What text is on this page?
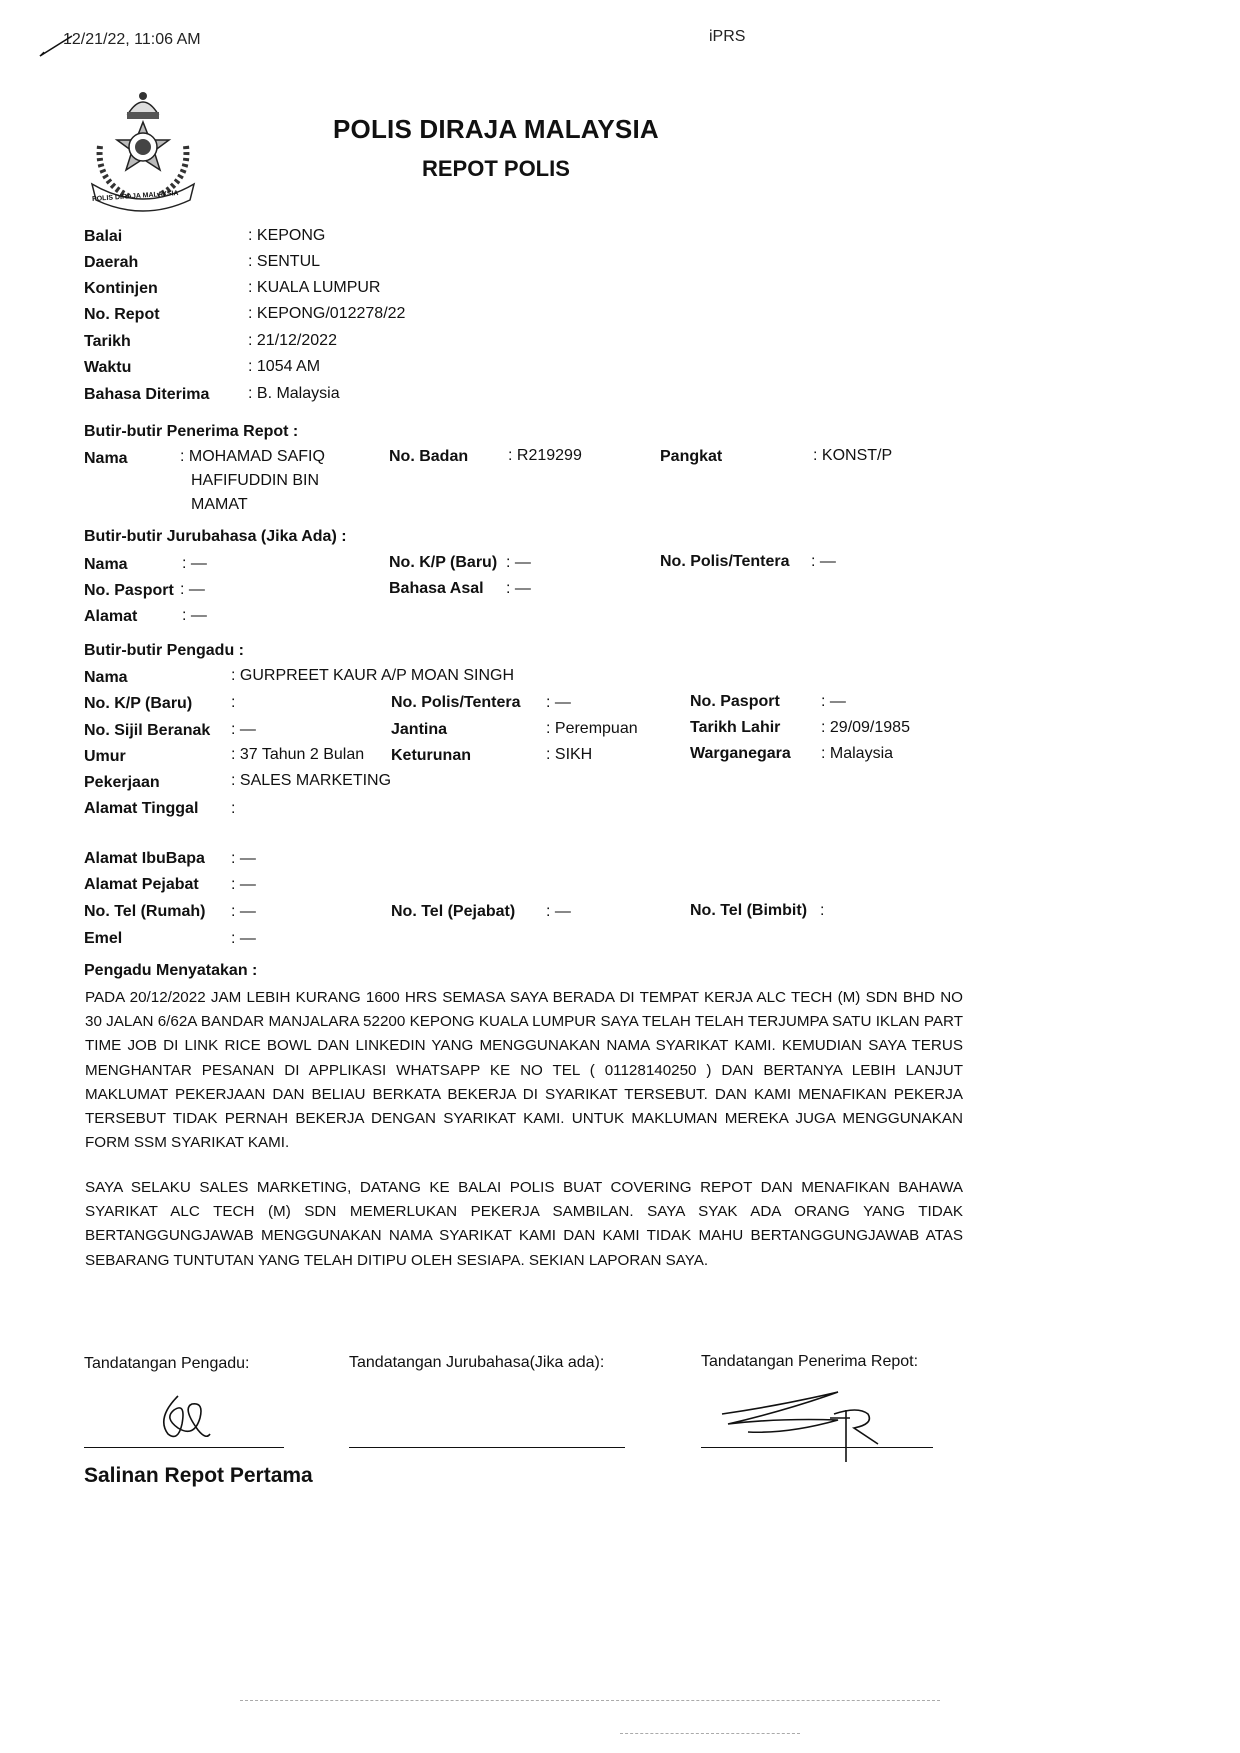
12/21/22, 11:06 AM	iPRS
POLIS DIRAJA MALAYSIA
POLIS DIRAJA MALAYSIA
REPOT POLIS
Balai	: KEPONG
Daerah	: SENTUL
Kontinjen	: KUALA LUMPUR
No. Repot	: KEPONG/012278/22
Tarikh	: 21/12/2022
Waktu	: 1054 AM
Bahasa Diterima : B. Malaysia
Butir-butir Penerima Repot :
Nama	: MOHAMAD SAFIQ
HAFIFUDDIN BIN
MAMAT
No. Badan : R219299	Pangkat	: KONST/P
Butir-butir Jurubahasa (Jika Ada) :
Nama	: —	No. K/P (Baru) : —	No. Polis/Tentera : —
No. Pasport : —	Bahasa Asal : —
Alamat	: —
Butir-butir Pengadu :
Nama	: GURPREET KAUR A/P MOAN SINGH
No. K/P (Baru) :	No. Polis/Tentera : —	No. Pasport	: —
No. Sijil Beranak : —	Jantina	: Perempuan	Tarikh Lahir	: 29/09/1985
Umur	: 37 Tahun 2 Bulan Keturunan	: SIKH	Warganegara : Malaysia
Pekerjaan	: SALES MARKETING
Alamat Tinggal :
Alamat IbuBapa : —
Alamat Pejabat : —
No. Tel (Rumah) : —	No. Tel (Pejabat) : —	No. Tel (Bimbit) :
Emel	: —
Pengadu Menyatakan :
PADA 20/12/2022 JAM LEBIH KURANG 1600 HRS SEMASA SAYA BERADA DI TEMPAT KERJA ALC TECH (M) SDN BHD NO 30 JALAN 6/62A BANDAR MANJALARA 52200 KEPONG KUALA LUMPUR SAYA TELAH TELAH TERJUMPA SATU IKLAN PART TIME JOB DI LINK RICE BOWL DAN LINKEDIN YANG MENGGUNAKAN NAMA SYARIKAT KAMI. KEMUDIAN SAYA TERUS MENGHANTAR PESANAN DI APPLIKASI WHATSAPP KE NO TEL ( 01128140250 ) DAN BERTANYA LEBIH LANJUT MAKLUMAT PEKERJAAN DAN BELIAU BERKATA BEKERJA DI SYARIKAT TERSEBUT. DAN KAMI MENAFIKAN PEKERJA TERSEBUT TIDAK PERNAH BEKERJA DENGAN SYARIKAT KAMI. UNTUK MAKLUMAN MEREKA JUGA MENGGUNAKAN FORM SSM SYARIKAT KAMI.
SAYA SELAKU SALES MARKETING, DATANG KE BALAI POLIS BUAT COVERING REPOT DAN MENAFIKAN BAHAWA SYARIKAT ALC TECH (M) SDN MEMERLUKAN PEKERJA SAMBILAN. SAYA SYAK ADA ORANG YANG TIDAK BERTANGGUNGJAWAB MENGGUNAKAN NAMA SYARIKAT KAMI DAN KAMI TIDAK MAHU BERTANGGUNGJAWAB ATAS SEBARANG TUNTUTAN YANG TELAH DITIPU OLEH SESIAPA. SEKIAN LAPORAN SAYA.
Tandatangan Pengadu:	Tandatangan Jurubahasa(Jika ada):	Tandatangan Penerima Repot:
Salinan Repot Pertama
